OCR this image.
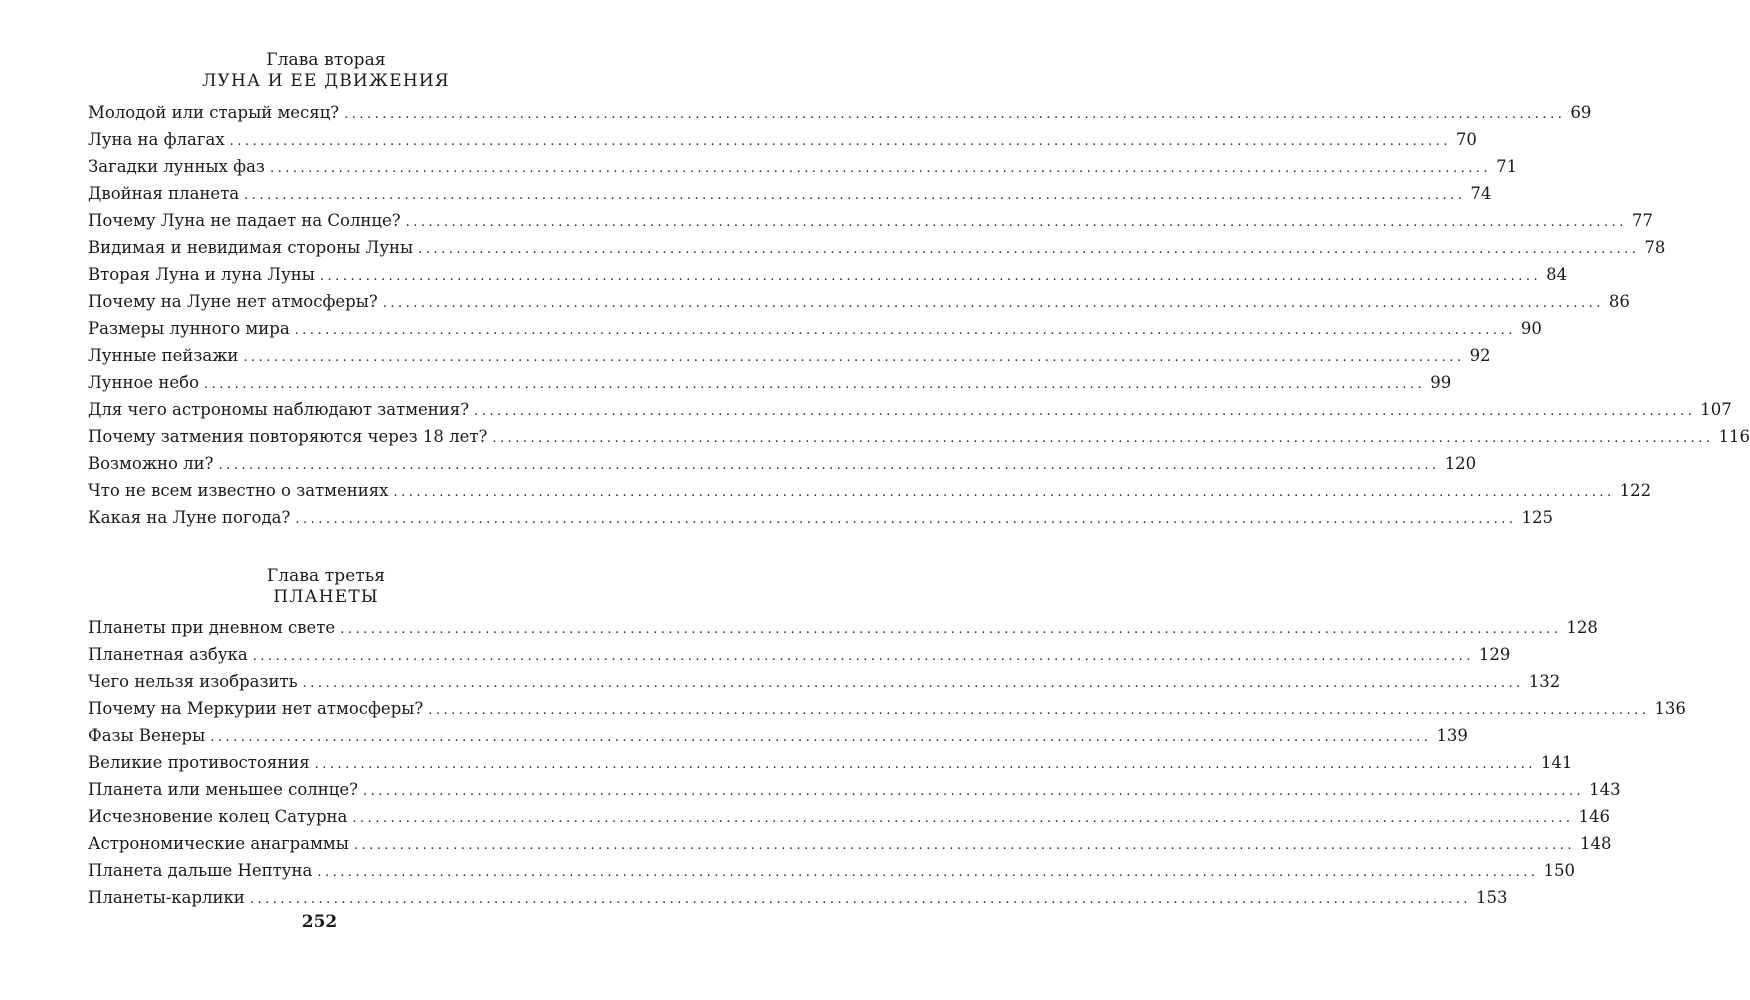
Глава вторая
ЛУНА И ЕЕ ДВИЖЕНИЯ
Молодой или старый месяц? ................................................................................................................................................................ 69
Луна на флагах ................................................................................................................................................................ 70
Загадки лунных фаз ................................................................................................................................................................ 71
Двойная планета ................................................................................................................................................................ 74
Почему Луна не падает на Солнце? ................................................................................................................................................................ 77
Видимая и невидимая стороны Луны ................................................................................................................................................................ 78
Вторая Луна и луна Луны ................................................................................................................................................................ 84
Почему на Луне нет атмосферы? ................................................................................................................................................................ 86
Размеры лунного мира ................................................................................................................................................................ 90
Лунные пейзажи ................................................................................................................................................................ 92
Лунное небо ................................................................................................................................................................ 99
Для чего астрономы наблюдают затмения? ................................................................................................................................................................ 107
Почему затмения повторяются через 18 лет? ................................................................................................................................................................ 116
Возможно ли? ................................................................................................................................................................ 120
Что не всем известно о затмениях ................................................................................................................................................................ 122
Какая на Луне погода? ................................................................................................................................................................ 125
Глава третья
ПЛАНЕТЫ
Планеты при дневном свете ................................................................................................................................................................ 128
Планетная азбука ................................................................................................................................................................ 129
Чего нельзя изобразить ................................................................................................................................................................ 132
Почему на Меркурии нет атмосферы? ................................................................................................................................................................ 136
Фазы Венеры ................................................................................................................................................................ 139
Великие противостояния ................................................................................................................................................................ 141
Планета или меньшее солнце? ................................................................................................................................................................ 143
Исчезновение колец Сатурна ................................................................................................................................................................ 146
Астрономические анаграммы ................................................................................................................................................................ 148
Планета дальше Нептуна ................................................................................................................................................................ 150
Планеты-карлики ................................................................................................................................................................ 153
252
